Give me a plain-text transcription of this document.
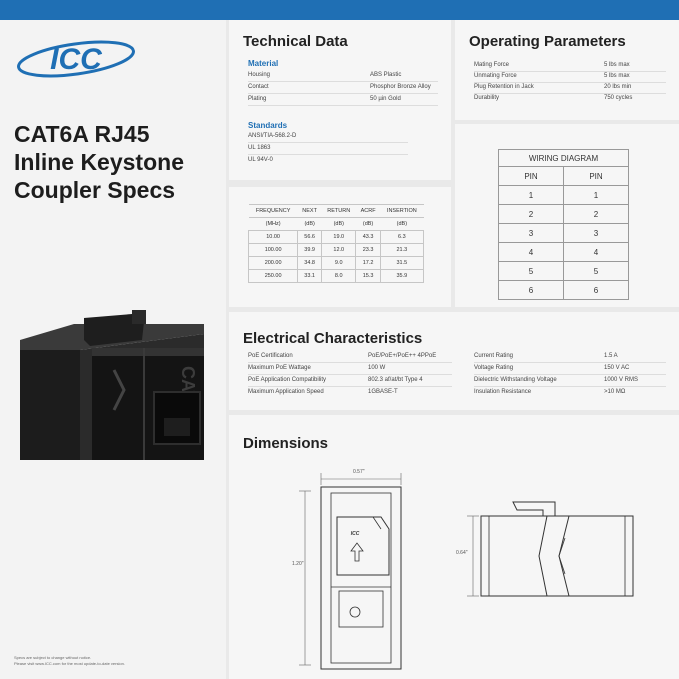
ICC
CAT6A RJ45
Inline Keystone
Coupler Specs
Specs are subject to change without notice.
Please visit www.ICC.com for the most update-to-date version.
Technical Data
Material
Housing	ABS Plastic
Contact	Phosphor Bronze Alloy
Plating	50 µin Gold
Standards
ANSI/TIA-568.2-D
UL 1863
UL 94V-0
Operating Parameters
Mating Force	5 lbs max
Unmating Force	5 lbs max
Plug Retention in Jack	20 lbs min
Durability	750 cycles
FREQUENCY	NEXT	RETURN	ACRF	INSERTION
(MHz)	(dB)	(dB)	(dB)	(dB)
10.00	56.6	19.0	43.3	6.3
100.00	39.9	12.0	23.3	21.3
200.00	34.8	9.0	17.2	31.5
250.00	33.1	8.0	15.3	35.9
WIRING DIAGRAM	
PIN	PIN
1	1
2	2
3	3
4	4
5	5
6	6
Electrical Characteristics
PoE Certification	PoE/PoE+/PoE++ 4PPoE
Maximum PoE Wattage	100 W
PoE Application Compatibility	802.3 af/at/bt Type 4
Maximum Application Speed	1GBASE-T
Current Rating	1.5 A
Voltage Rating	150 V AC
Dielectric Withstanding Voltage	1000 V RMS
Insulation Resistance	>10 MΩ
Dimensions
ICC
0.57"
1.20"
0.64"
